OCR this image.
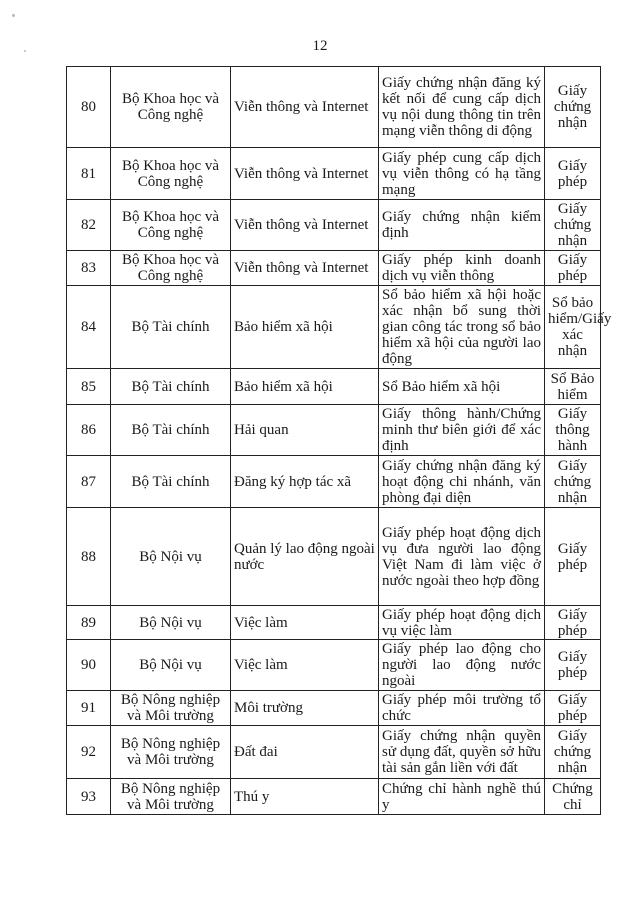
12
80	Bộ Khoa học và Công nghệ	Viễn thông và Internet	Giấy chứng nhận đăng ký kết nối để cung cấp dịch vụ nội dung thông tin trên mạng viễn thông di động	Giấy chứng nhận
81	Bộ Khoa học và Công nghệ	Viễn thông và Internet	Giấy phép cung cấp dịch vụ viễn thông có hạ tầng mạng	Giấy phép
82	Bộ Khoa học và Công nghệ	Viễn thông và Internet	Giấy chứng nhận kiểm định	Giấy chứng nhận
83	Bộ Khoa học và Công nghệ	Viễn thông và Internet	Giấy phép kinh doanh dịch vụ viễn thông	Giấy phép
84	Bộ Tài chính	Bảo hiểm xã hội	Sổ bảo hiểm xã hội hoặc xác nhận bổ sung thời gian công tác trong sổ bảo hiểm xã hội của người lao động	Sổ bảo hiểm/Giấy xác nhận
85	Bộ Tài chính	Bảo hiểm xã hội	Sổ Bảo hiểm xã hội	Sổ Bảo hiểm
86	Bộ Tài chính	Hải quan	Giấy thông hành/Chứng minh thư biên giới để xác định	Giấy thông hành
87	Bộ Tài chính	Đăng ký hợp tác xã	Giấy chứng nhận đăng ký hoạt động chi nhánh, văn phòng đại diện	Giấy chứng nhận
88	Bộ Nội vụ	Quản lý lao động ngoài nước	Giấy phép hoạt động dịch vụ đưa người lao động Việt Nam đi làm việc ở nước ngoài theo hợp đồng	Giấy phép
89	Bộ Nội vụ	Việc làm	Giấy phép hoạt động dịch vụ việc làm	Giấy phép
90	Bộ Nội vụ	Việc làm	Giấy phép lao động cho người lao động nước ngoài	Giấy phép
91	Bộ Nông nghiệp và Môi trường	Môi trường	Giấy phép môi trường tổ chức	Giấy phép
92	Bộ Nông nghiệp và Môi trường	Đất đai	Giấy chứng nhận quyền sử dụng đất, quyền sở hữu tài sản gắn liền với đất	Giấy chứng nhận
93	Bộ Nông nghiệp và Môi trường	Thú y	Chứng chỉ hành nghề thú y	Chứng chỉ
